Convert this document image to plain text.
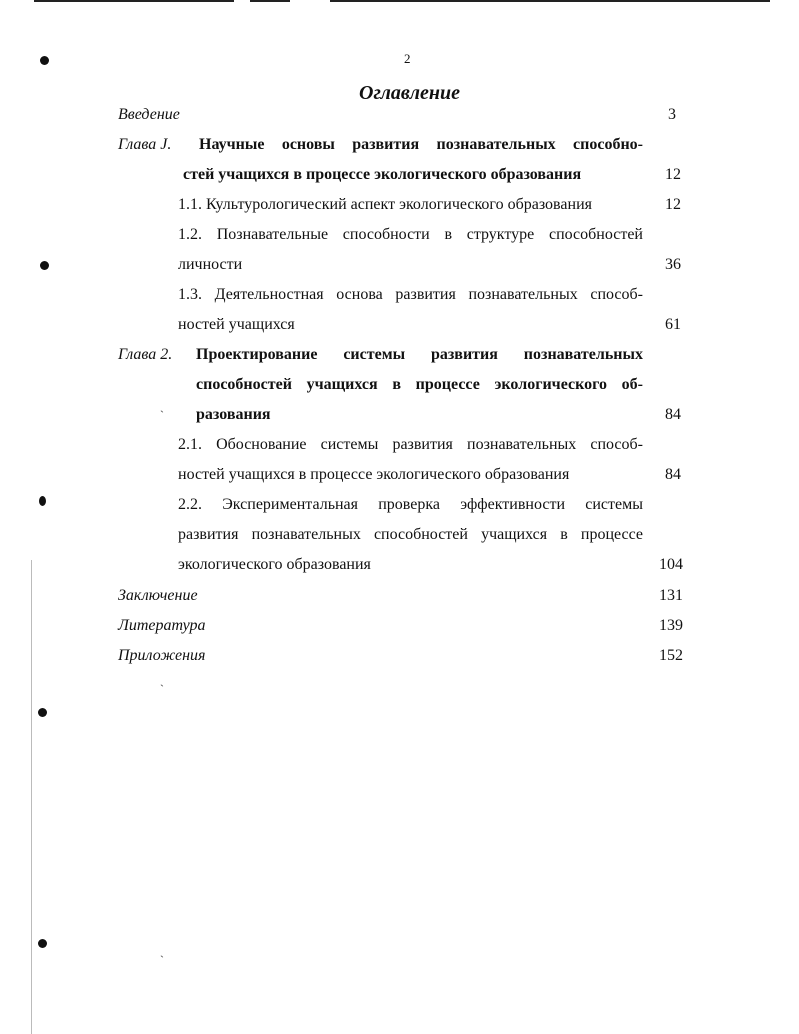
`
`
`
2
Оглавление
Введение	3
Глава J. Научные основы развития познавательных способно-
стей учащихся в процессе экологического образования	12
1.1. Культурологический аспект экологического образования	12
1.2. Познавательные способности в структуре способностей
личности	36
1.3. Деятельностная основа развития познавательных способ-
ностей учащихся	61
Глава 2. Проектирование системы развития познавательных
способностей учащихся в процессе экологического об-
разования	84
2.1. Обоснование системы развития познавательных способ-
ностей учащихся в процессе экологического образования	84
2.2. Экспериментальная проверка эффективности системы
развития познавательных способностей учащихся в процессе
экологического образования	104
Заключение	131
Литература	139
Приложения	152
